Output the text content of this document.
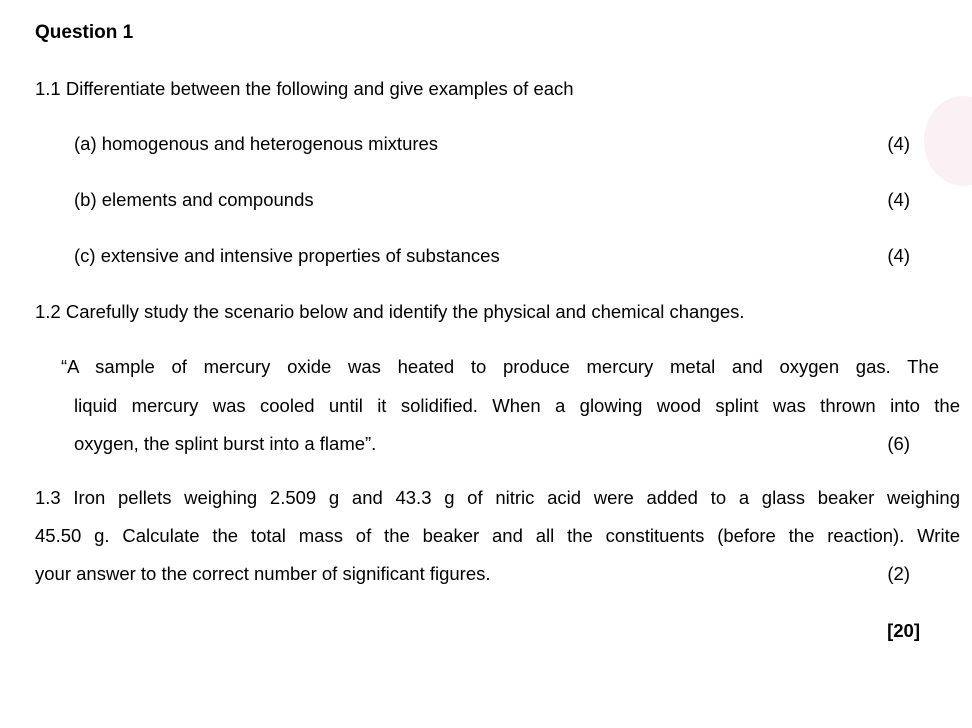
Question 1
1.1 Differentiate between the following and give examples of each
(a) homogenous and heterogenous mixtures	(4)
(b) elements and compounds	(4)
(c) extensive and intensive properties of substances	(4)
1.2 Carefully study the scenario below and identify the physical and chemical changes.
“A sample of mercury oxide was heated to produce mercury metal and oxygen gas. The
liquid mercury was cooled until it solidified. When a glowing wood splint was thrown into the
oxygen, the splint burst into a flame”.	(6)
1.3 Iron pellets weighing 2.509 g and 43.3 g of nitric acid were added to a glass beaker weighing
45.50 g. Calculate the total mass of the beaker and all the constituents (before the reaction). Write
your answer to the correct number of significant figures.	(2)
[20]
